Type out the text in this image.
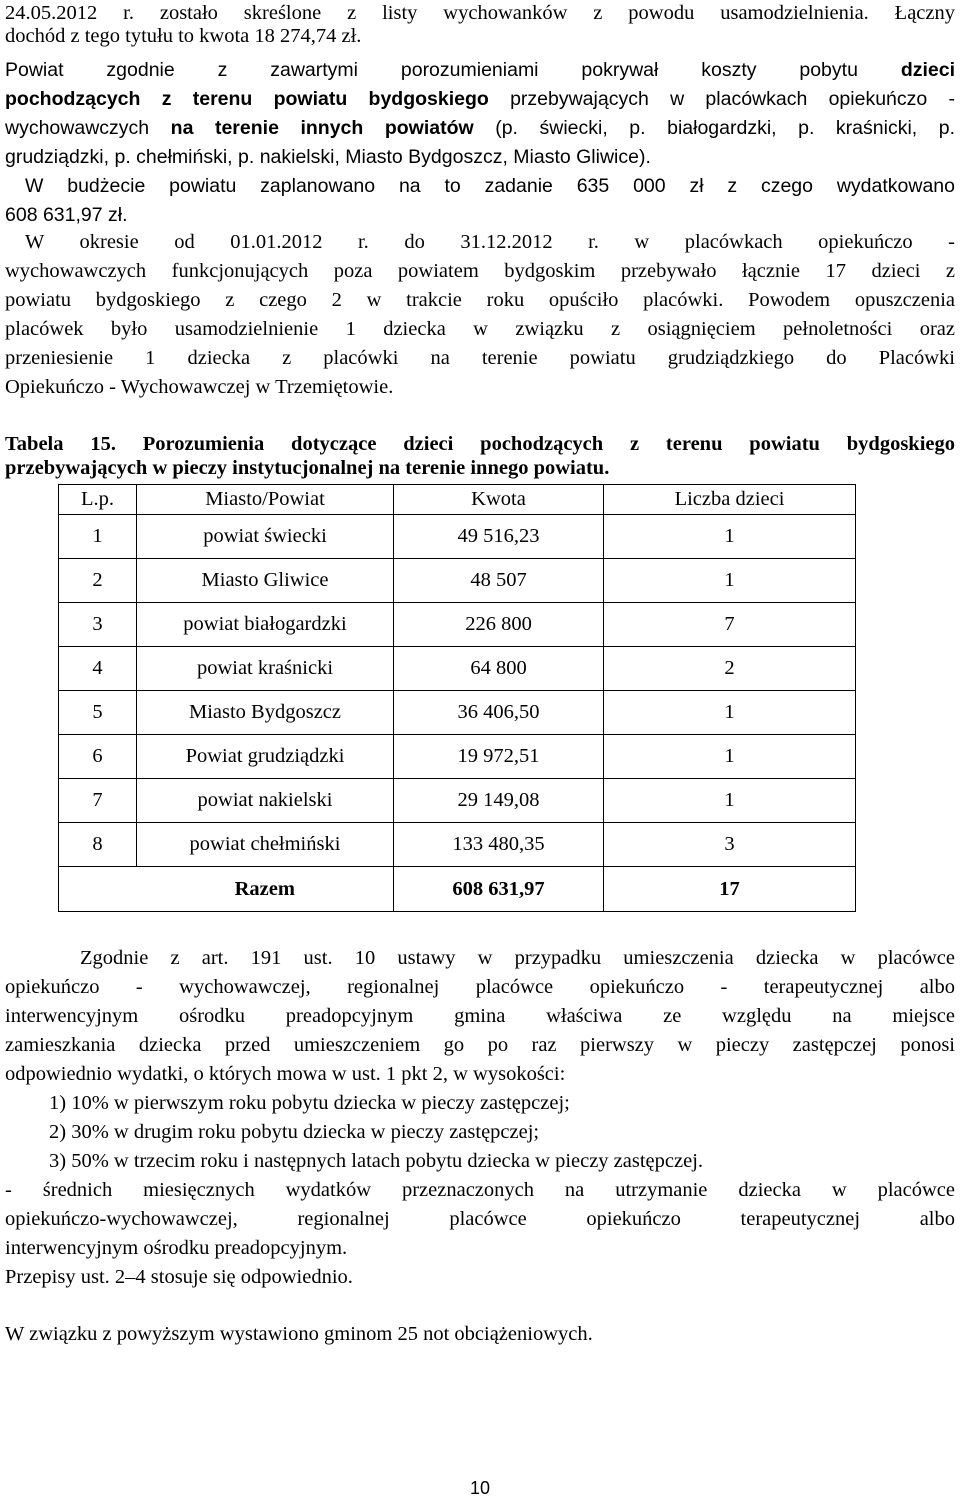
24.05.2012 r. zostało skreślone z listy wychowanków z powodu usamodzielnienia. Łączny
dochód z tego tytułu to kwota 18 274,74 zł.
Powiat zgodnie z zawartymi porozumieniami pokrywał koszty pobytu dzieci
pochodzących z terenu powiatu bydgoskiego przebywających w placówkach opiekuńczo -
wychowawczych na terenie innych powiatów (p. świecki, p. białogardzki, p. kraśnicki, p.
grudziądzki, p. chełmiński, p. nakielski, Miasto Bydgoszcz, Miasto Gliwice).
W budżecie powiatu zaplanowano na to zadanie 635 000 zł z czego wydatkowano
608 631,97 zł.
W okresie od 01.01.2012 r. do 31.12.2012 r. w placówkach opiekuńczo -
wychowawczych funkcjonujących poza powiatem bydgoskim przebywało łącznie 17 dzieci z
powiatu bydgoskiego z czego 2 w trakcie roku opuściło placówki. Powodem opuszczenia
placówek było usamodzielnienie 1 dziecka w związku z osiągnięciem pełnoletności oraz
przeniesienie 1 dziecka z placówki na terenie powiatu grudziądzkiego do Placówki
Opiekuńczo - Wychowawczej w Trzemiętowie.
Tabela 15. Porozumienia dotyczące dzieci pochodzących z terenu powiatu bydgoskiego
przebywających w pieczy instytucjonalnej na terenie innego powiatu.
L.p.	Miasto/Powiat	Kwota	Liczba dzieci
1	powiat świecki	49 516,23	1
2	Miasto Gliwice	48 507	1
3	powiat białogardzki	226 800	7
4	powiat kraśnicki	64 800	2
5	Miasto Bydgoszcz	36 406,50	1
6	Powiat grudziądzki	19 972,51	1
7	powiat nakielski	29 149,08	1
8	powiat chełmiński	133 480,35	3
	Razem	608 631,97	17
Zgodnie z art. 191 ust. 10 ustawy w przypadku umieszczenia dziecka w placówce
opiekuńczo - wychowawczej, regionalnej placówce opiekuńczo - terapeutycznej albo
interwencyjnym ośrodku preadopcyjnym gmina właściwa ze względu na miejsce
zamieszkania dziecka przed umieszczeniem go po raz pierwszy w pieczy zastępczej ponosi
odpowiednio wydatki, o których mowa w ust. 1 pkt 2, w wysokości:
1) 10% w pierwszym roku pobytu dziecka w pieczy zastępczej;
2) 30% w drugim roku pobytu dziecka w pieczy zastępczej;
3) 50% w trzecim roku i następnych latach pobytu dziecka w pieczy zastępczej.
- średnich miesięcznych wydatków przeznaczonych na utrzymanie dziecka w placówce
opiekuńczo-wychowawczej, regionalnej placówce opiekuńczo terapeutycznej albo
interwencyjnym ośrodku preadopcyjnym.
Przepisy ust. 2–4 stosuje się odpowiednio.
W związku z powyższym wystawiono gminom 25 not obciążeniowych.
10
